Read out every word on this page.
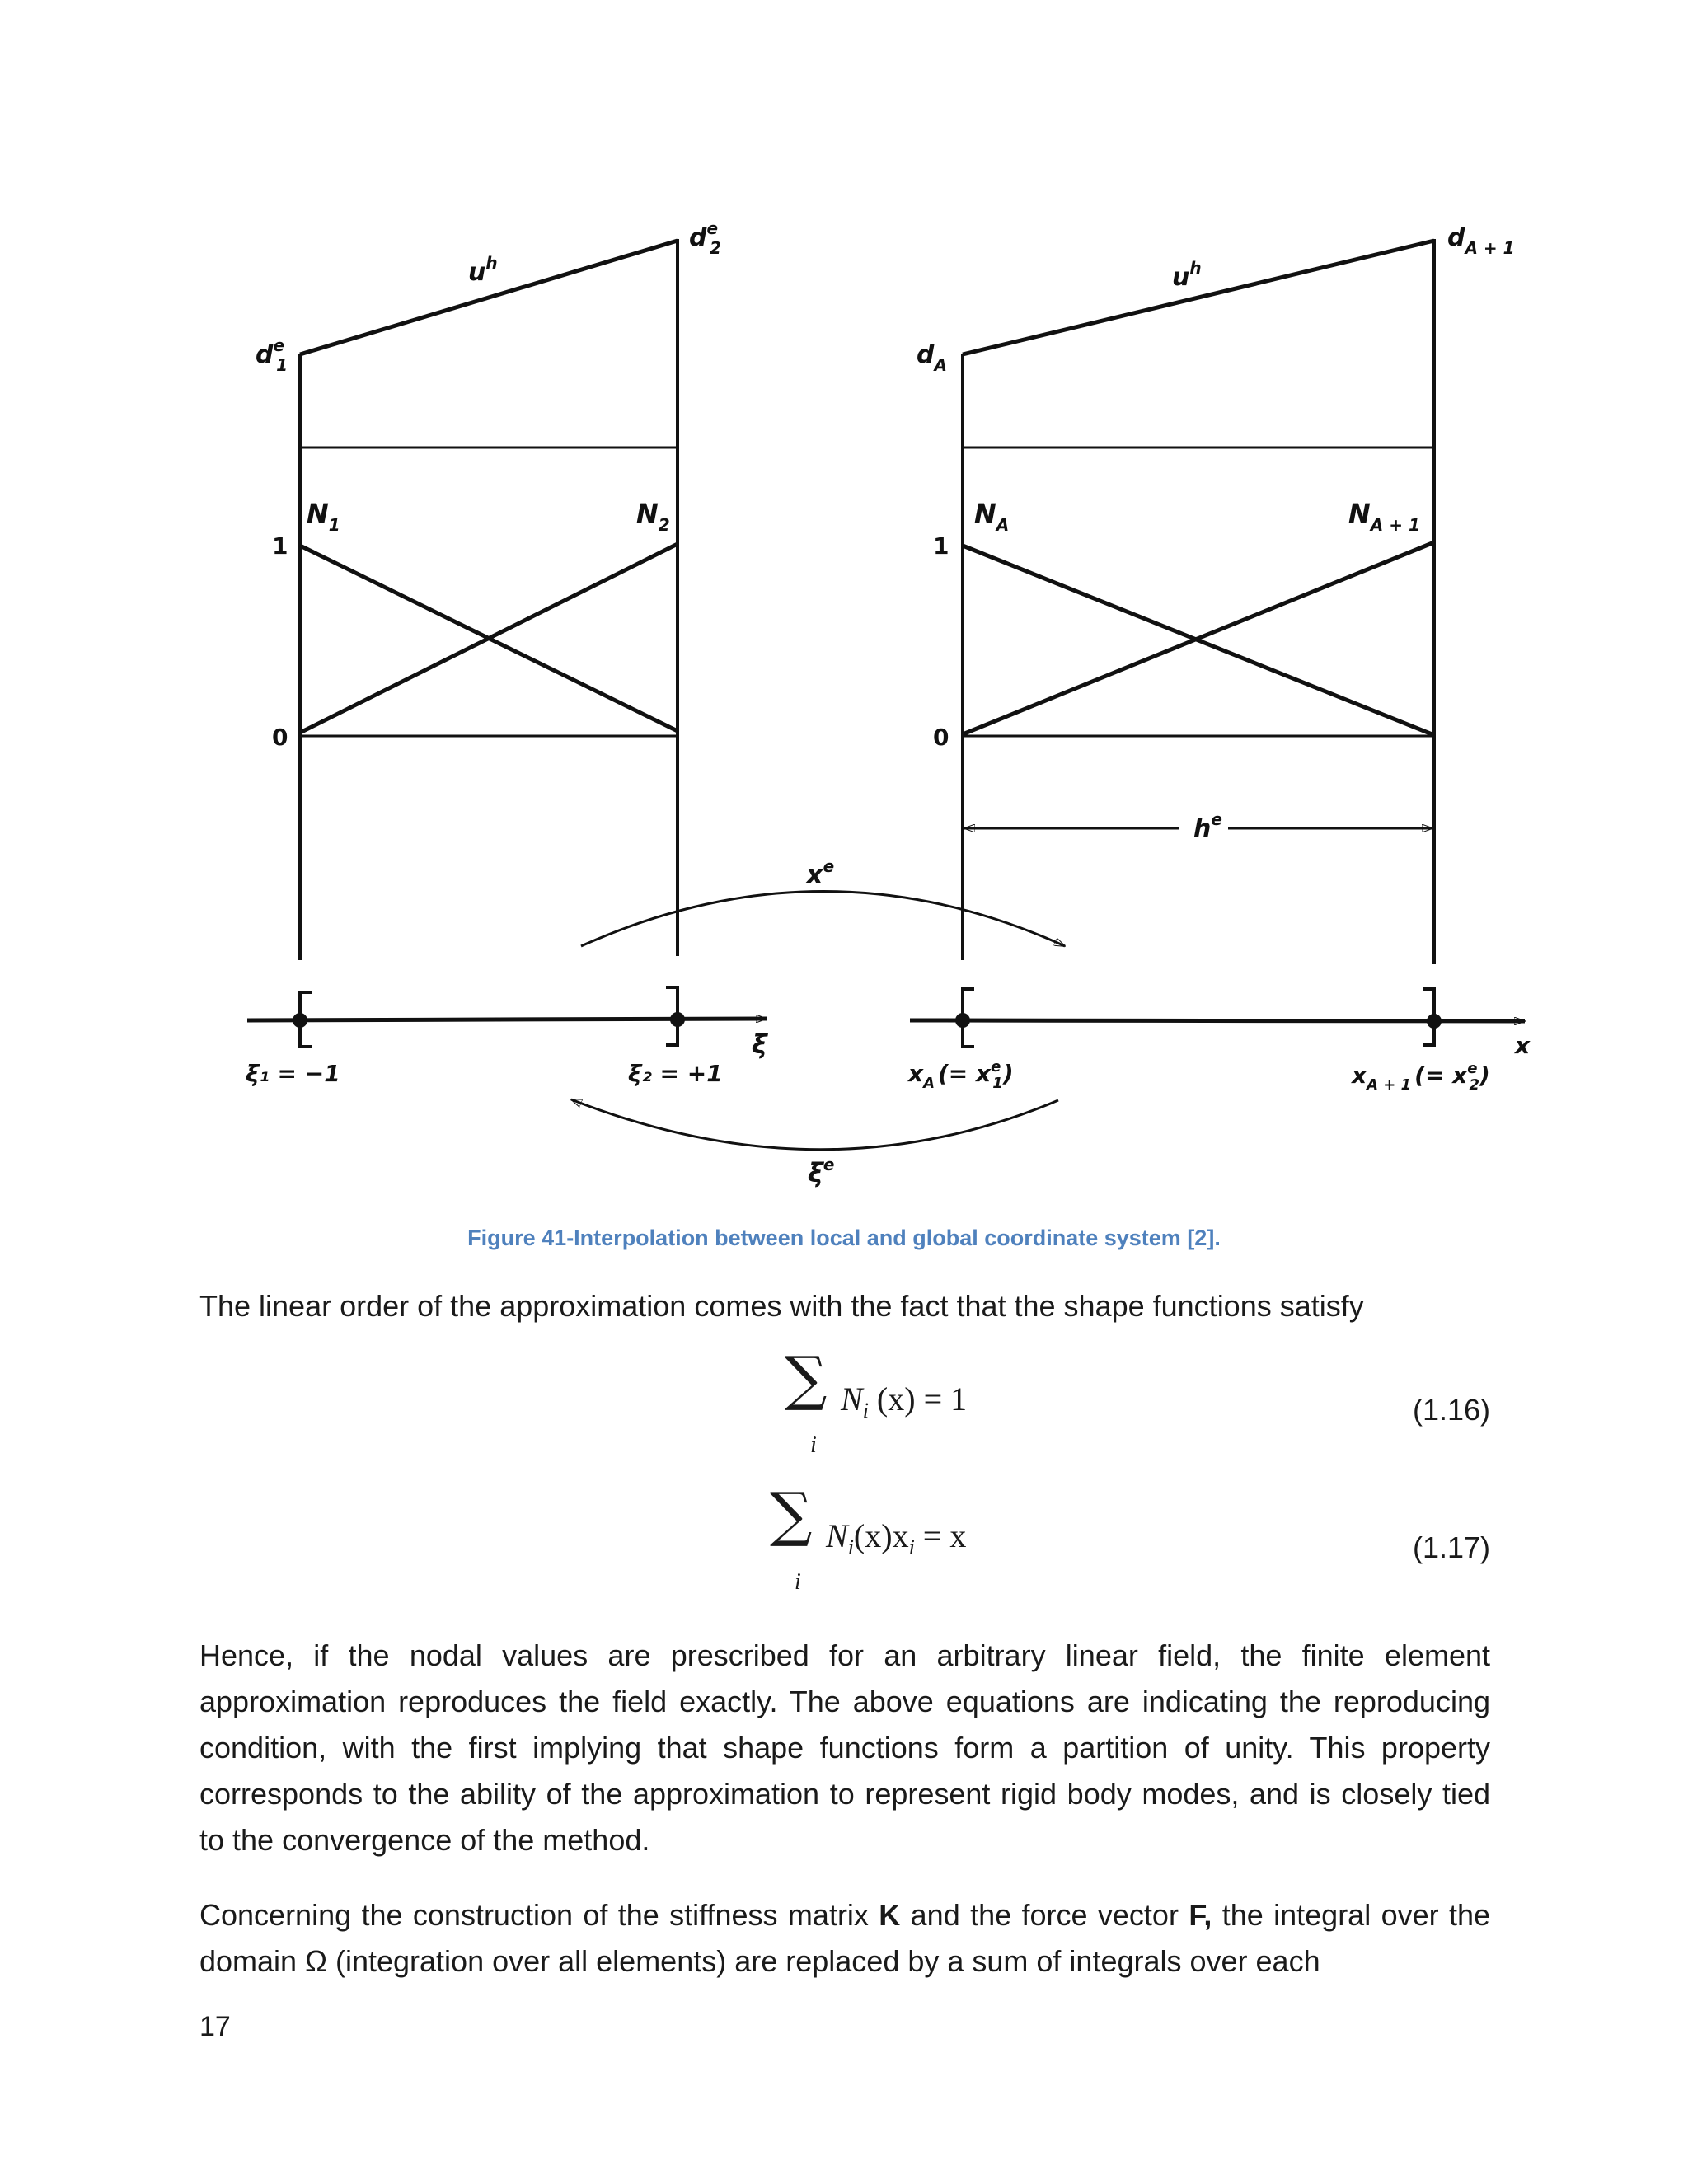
$d^e$ 1
$d^e$ 2
$u^h$
$N_1$	$N_2$
1
0
ξ
ξ₁ = −1	ξ₂ = +1
$x^e$
$\xi^e$
$h^e$
$d_A$
$d_{A + 1}$
$u^h$
$N_A$	$N_{A + 1}$
1
0
x
$x_A$ (= $x^e$ 1)	$x_{A + 1}$ (= $x^e$ 2)
Figure 41-Interpolation between local and global coordinate system [2].

The linear order of the approximation comes with the fact that the shape functions satisfy

∑
i
$N_i$ (x) = 1	(1.16)
∑
i
$N_i(x)x_i = x$	(1.17)

Hence, if the nodal values are prescribed for an arbitrary linear field, the finite element approximation reproduces the field exactly. The above equations are indicating the reproducing condition, with the first implying that shape functions form a partition of unity. This property corresponds to the ability of the approximation to represent rigid body modes, and is closely tied to the convergence of the method.

Concerning the construction of the stiffness matrix K and the force vector F, the integral over the domain Ω (integration over all elements) are replaced by a sum of integrals over each

17
